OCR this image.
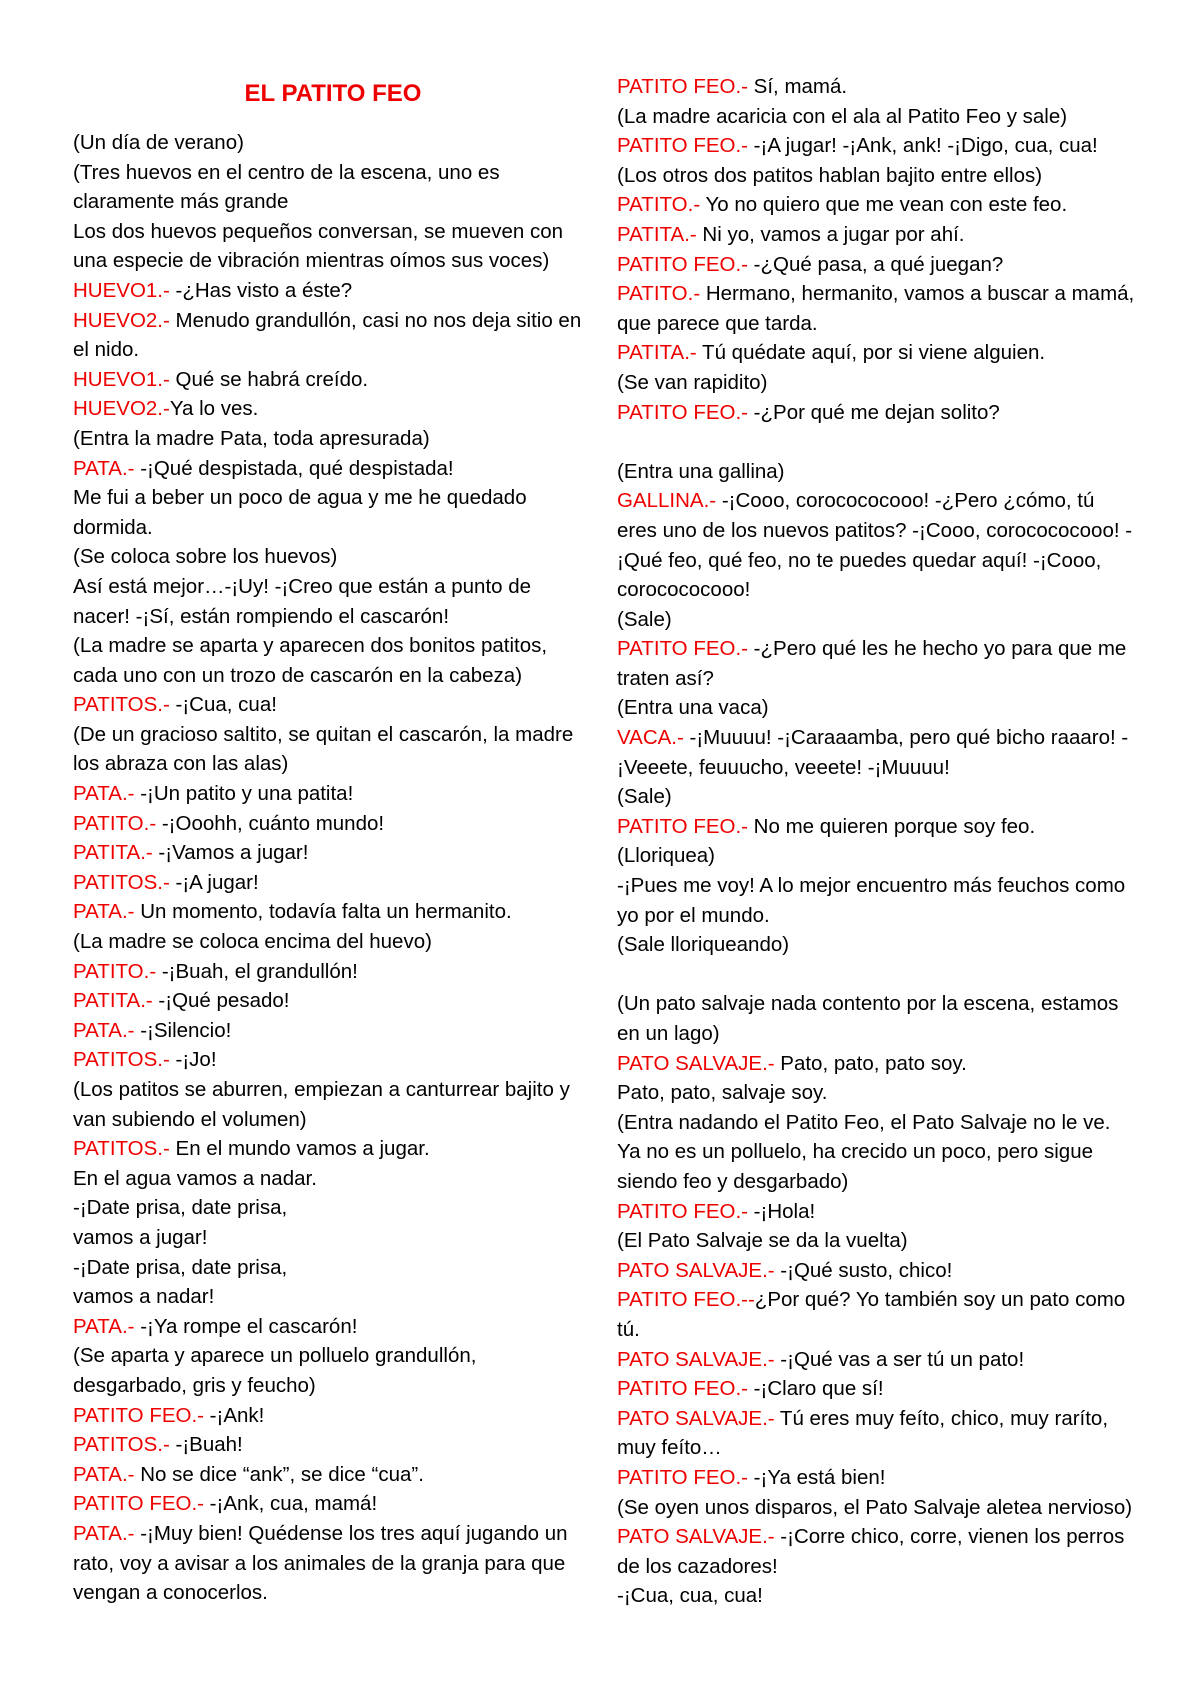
EL PATITO FEO

(Un día de verano)

(Tres huevos en el centro de la escena, uno es claramente más grande

Los dos huevos pequeños conversan, se mueven con una especie de vibración mientras oímos sus voces)

HUEVO1.- -¿Has visto a éste?

HUEVO2.- Menudo grandullón, casi no nos deja sitio en el nido.

HUEVO1.- Qué se habrá creído.

HUEVO2.-Ya lo ves.

(Entra la madre Pata, toda apresurada)

PATA.- -¡Qué despistada, qué despistada!

Me fui a beber un poco de agua y me he quedado dormida.

(Se coloca sobre los huevos)

Así está mejor…-¡Uy! -¡Creo que están a punto de nacer! -¡Sí, están rompiendo el cascarón!

(La madre se aparta y aparecen dos bonitos patitos, cada uno con un trozo de cascarón en la cabeza)

PATITOS.- -¡Cua, cua!

(De un gracioso saltito, se quitan el cascarón, la madre los abraza con las alas)

PATA.- -¡Un patito y una patita!

PATITO.- -¡Ooohh, cuánto mundo!

PATITA.- -¡Vamos a jugar!

PATITOS.- -¡A jugar!

PATA.- Un momento, todavía falta un hermanito.

(La madre se coloca encima del huevo)

PATITO.- -¡Buah, el grandullón!

PATITA.- -¡Qué pesado!

PATA.- -¡Silencio!

PATITOS.- -¡Jo!

(Los patitos se aburren, empiezan a canturrear bajito y van subiendo el volumen)

PATITOS.- En el mundo vamos a jugar.

En el agua vamos a nadar.

-¡Date prisa, date prisa,

vamos a jugar!

-¡Date prisa, date prisa,

vamos a nadar!

PATA.- -¡Ya rompe el cascarón!

(Se aparta y aparece un polluelo grandullón, desgarbado, gris y feucho)

PATITO FEO.- -¡Ank!

PATITOS.- -¡Buah!

PATA.- No se dice “ank”, se dice “cua”.

PATITO FEO.- -¡Ank, cua, mamá!

PATA.- -¡Muy bien! Quédense los tres aquí jugando un rato, voy a avisar a los animales de la granja para que vengan a conocerlos.

PATITO FEO.- Sí, mamá.

(La madre acaricia con el ala al Patito Feo y sale)

PATITO FEO.- -¡A jugar! -¡Ank, ank! -¡Digo, cua, cua!

(Los otros dos patitos hablan bajito entre ellos)

PATITO.- Yo no quiero que me vean con este feo.

PATITA.- Ni yo, vamos a jugar por ahí.

PATITO FEO.- -¿Qué pasa, a qué juegan?

PATITO.- Hermano, hermanito, vamos a buscar a mamá, que parece que tarda.

PATITA.- Tú quédate aquí, por si viene alguien.

(Se van rapidito)

PATITO FEO.- -¿Por qué me dejan solito?

(Entra una gallina)

GALLINA.- -¡Cooo, corocococooo! -¿Pero ¿cómo, tú eres uno de los nuevos patitos? -¡Cooo, corocococooo! -¡Qué feo, qué feo, no te puedes quedar aquí! -¡Cooo, corocococooo!

(Sale)

PATITO FEO.- -¿Pero qué les he hecho yo para que me traten así?

(Entra una vaca)

VACA.- -¡Muuuu! -¡Caraaamba, pero qué bicho raaaro! -¡Veeete, feuuucho, veeete! -¡Muuuu!

(Sale)

PATITO FEO.- No me quieren porque soy feo.

(Lloriquea)

-¡Pues me voy! A lo mejor encuentro más feuchos como yo por el mundo.

(Sale lloriqueando)

(Un pato salvaje nada contento por la escena, estamos en un lago)

PATO SALVAJE.- Pato, pato, pato soy.

Pato, pato, salvaje soy.

(Entra nadando el Patito Feo, el Pato Salvaje no le ve. Ya no es un polluelo, ha crecido un poco, pero sigue siendo feo y desgarbado)

PATITO FEO.- -¡Hola!

(El Pato Salvaje se da la vuelta)

PATO SALVAJE.- -¡Qué susto, chico!

PATITO FEO.--¿Por qué? Yo también soy un pato como tú.

PATO SALVAJE.- -¡Qué vas a ser tú un pato!

PATITO FEO.- -¡Claro que sí!

PATO SALVAJE.- Tú eres muy feíto, chico, muy raríto, muy feíto…

PATITO FEO.- -¡Ya está bien!

(Se oyen unos disparos, el Pato Salvaje aletea nervioso)

PATO SALVAJE.- -¡Corre chico, corre, vienen los perros de los cazadores!

-¡Cua, cua, cua!
